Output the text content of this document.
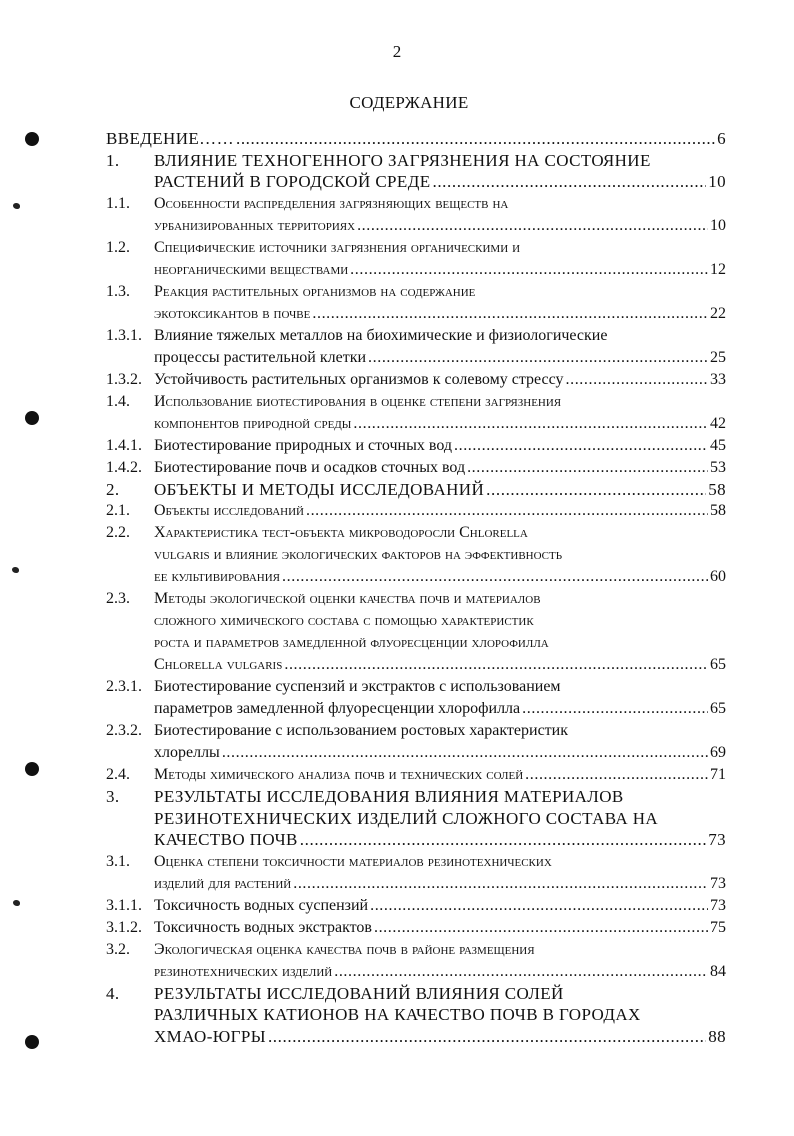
2
СОДЕРЖАНИЕ
ВВЕДЕНИЕ…… .....	6
1. ВЛИЯНИЕ ТЕХНОГЕННОГО ЗАГРЯЗНЕНИЯ НА СОСТОЯНИЕ
РАСТЕНИЙ В ГОРОДСКОЙ СРЕДЕ .....	10
1.1. Особенности распределения загрязняющих веществ на
урбанизированных территориях .....	10
1.2. Специфические источники загрязнения органическими и
неорганическими веществами .....	12
1.3. Реакция растительных организмов на содержание
экотоксикантов в почве .....	22
1.3.1. Влияние тяжелых металлов на биохимические и физиологические
процессы растительной клетки .....	25
1.3.2. Устойчивость растительных организмов к солевому стрессу .....	33
1.4. Использование биотестирования в оценке степени загрязнения
компонентов природной среды .....	42
1.4.1. Биотестирование природных и сточных вод .....	45
1.4.2. Биотестирование почв и осадков сточных вод .....	53
2. ОБЪЕКТЫ И МЕТОДЫ ИССЛЕДОВАНИЙ .....	58
2.1. Объекты исследований .....	58
2.2. Характеристика тест-объекта микроводоросли Chlorella
vulgaris и влияние экологических факторов на эффективность
ее культивирования .....	60
2.3. Методы экологической оценки качества почв и материалов
сложного химического состава с помощью характеристик
роста и параметров замедленной флуоресценции хлорофилла
Chlorella vulgaris .....	65
2.3.1. Биотестирование суспензий и экстрактов с использованием
параметров замедленной флуоресценции хлорофилла .....	65
2.3.2. Биотестирование с использованием ростовых характеристик
хлореллы .....	69
2.4. Методы химического анализа почв и технических солей .....	71
3. РЕЗУЛЬТАТЫ ИССЛЕДОВАНИЯ ВЛИЯНИЯ МАТЕРИАЛОВ
РЕЗИНОТЕХНИЧЕСКИХ ИЗДЕЛИЙ СЛОЖНОГО СОСТАВА НА
КАЧЕСТВО ПОЧВ .....	73
3.1. Оценка степени токсичности материалов резинотехнических
изделий для растений .....	73
3.1.1. Токсичность водных суспензий .....	73
3.1.2. Токсичность водных экстрактов .....	75
3.2. Экологическая оценка качества почв в районе размещения
резинотехнических изделий .....	84
4. РЕЗУЛЬТАТЫ ИССЛЕДОВАНИЙ ВЛИЯНИЯ СОЛЕЙ
РАЗЛИЧНЫХ КАТИОНОВ НА КАЧЕСТВО ПОЧВ В ГОРОДАХ
ХМАО-ЮГРЫ .....	88
